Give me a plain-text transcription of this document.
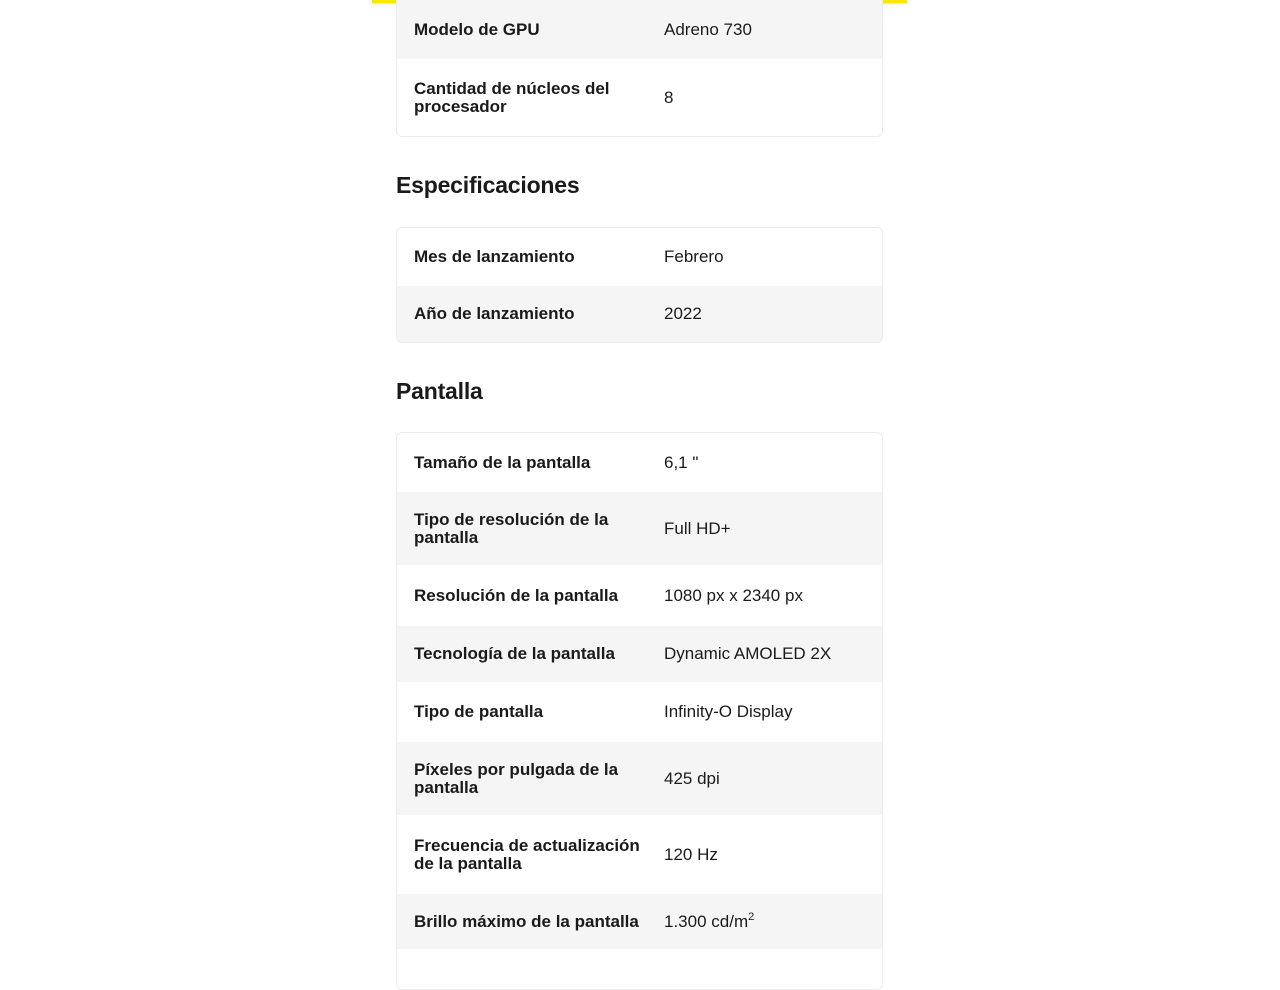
Modelo de GPU	Adreno 730
Cantidad de núcleos del procesador	8
Especificaciones
Mes de lanzamiento	Febrero
Año de lanzamiento	2022
Pantalla
Tamaño de la pantalla	6,1 "
Tipo de resolución de la pantalla	Full HD+
Resolución de la pantalla	1080 px x 2340 px
Tecnología de la pantalla	Dynamic AMOLED 2X
Tipo de pantalla	Infinity-O Display
Píxeles por pulgada de la pantalla	425 dpi
Frecuencia de actualización de la pantalla	120 Hz
Brillo máximo de la pantalla	1.300 $cd/m^2$
